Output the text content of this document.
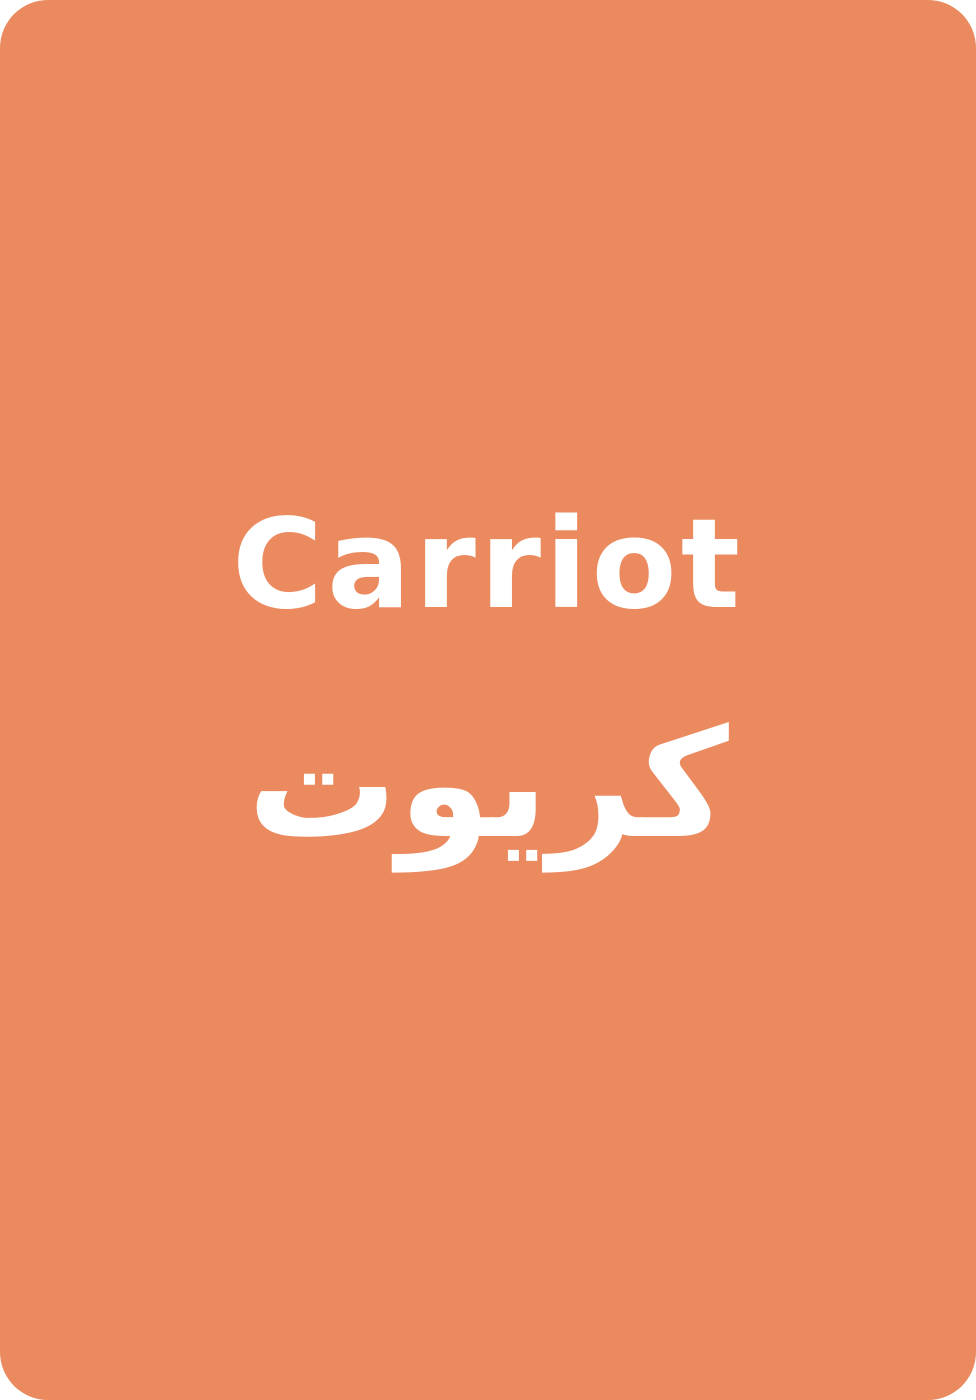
Carriot
کریوت
